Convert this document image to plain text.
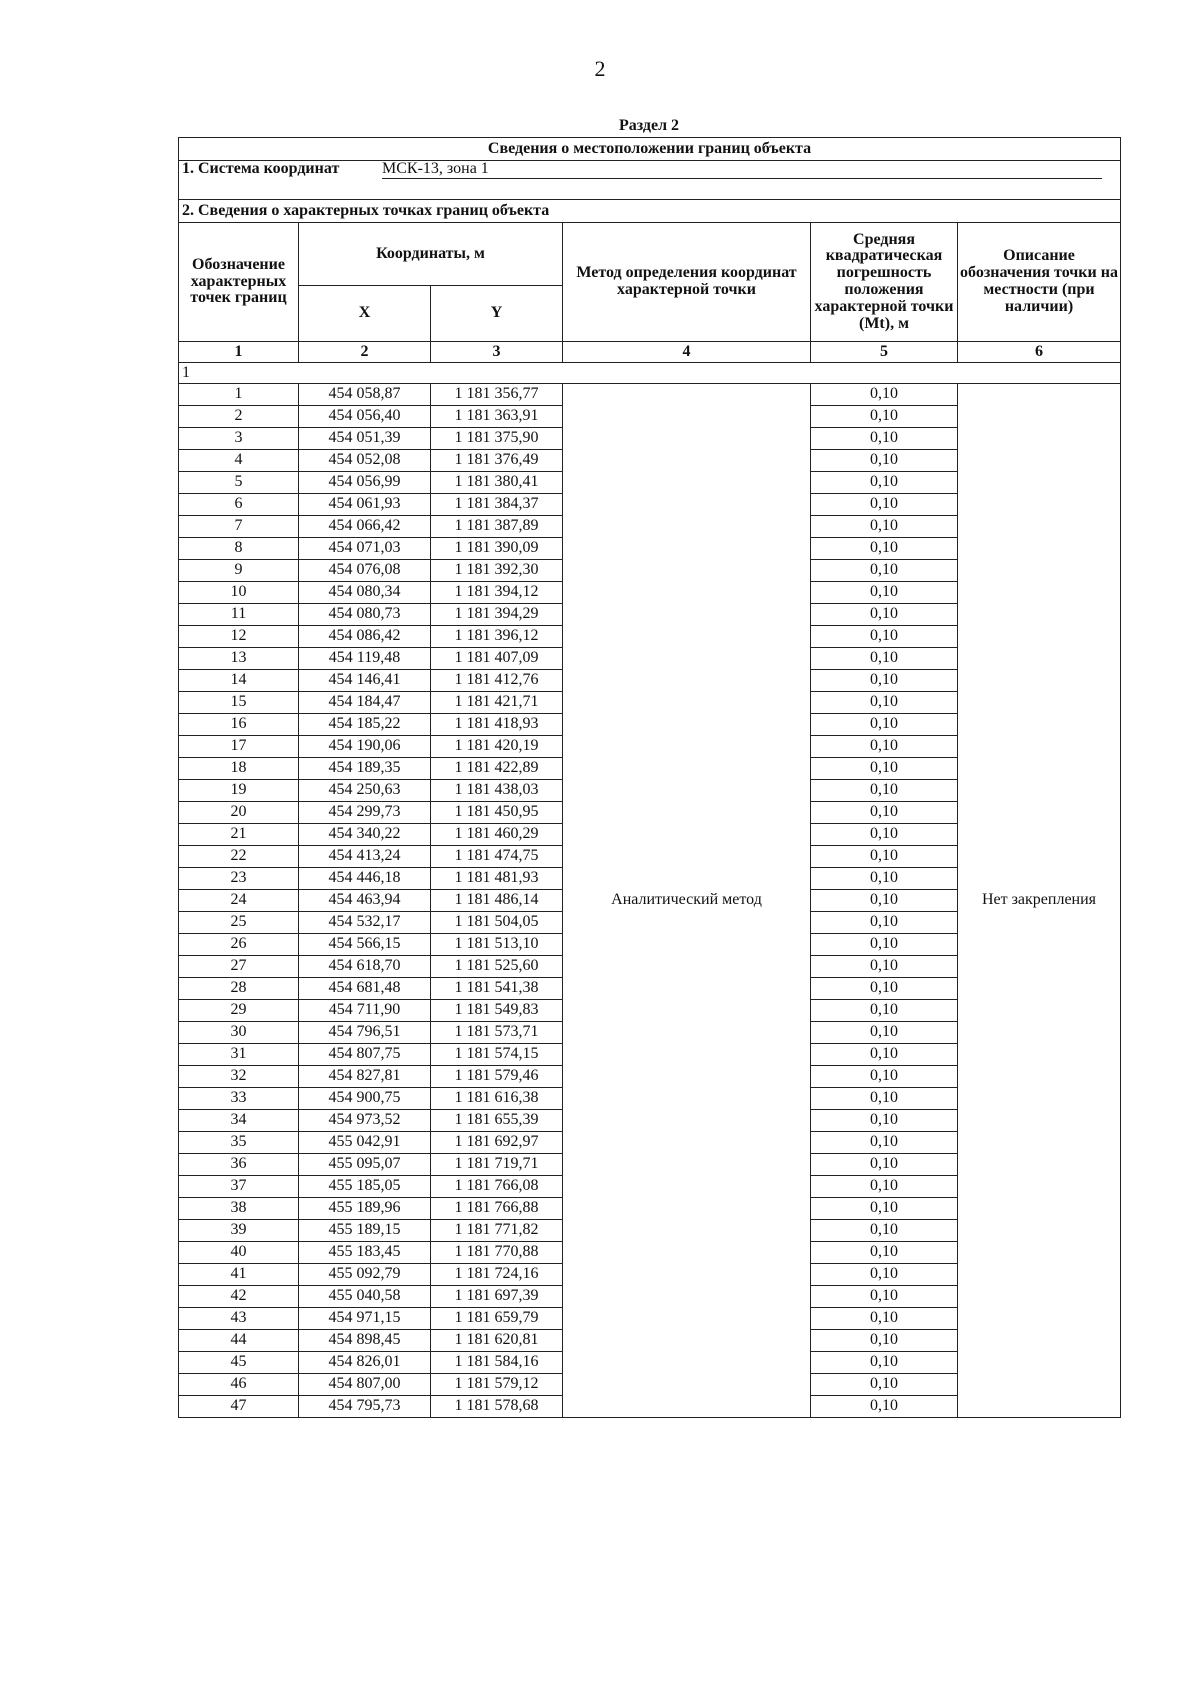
2
Раздел 2
Сведения о местоположении границ объекта					
1. Система координат МСК-13, зона 1					
2. Сведения о характерных точках границ объекта					
Обозначение характерных точек границ	Координаты, м		Метод определения координат характерной точки	Средняя квадратическая погрешность положения характерной точки (Mt), м	Описание обозначения точки на местности (при наличии)
	X	Y			
1	2	3	4	5	6
1					
1	454 058,87	1 181 356,77	Аналитический метод	0,10	Нет закрепления
2	454 056,40	1 181 363,91		0,10	
3	454 051,39	1 181 375,90		0,10	
4	454 052,08	1 181 376,49		0,10	
5	454 056,99	1 181 380,41		0,10	
6	454 061,93	1 181 384,37		0,10	
7	454 066,42	1 181 387,89		0,10	
8	454 071,03	1 181 390,09		0,10	
9	454 076,08	1 181 392,30		0,10	
10	454 080,34	1 181 394,12		0,10	
11	454 080,73	1 181 394,29		0,10	
12	454 086,42	1 181 396,12		0,10	
13	454 119,48	1 181 407,09		0,10	
14	454 146,41	1 181 412,76		0,10	
15	454 184,47	1 181 421,71		0,10	
16	454 185,22	1 181 418,93		0,10	
17	454 190,06	1 181 420,19		0,10	
18	454 189,35	1 181 422,89		0,10	
19	454 250,63	1 181 438,03		0,10	
20	454 299,73	1 181 450,95		0,10	
21	454 340,22	1 181 460,29		0,10	
22	454 413,24	1 181 474,75		0,10	
23	454 446,18	1 181 481,93		0,10	
24	454 463,94	1 181 486,14		0,10	
25	454 532,17	1 181 504,05		0,10	
26	454 566,15	1 181 513,10		0,10	
27	454 618,70	1 181 525,60		0,10	
28	454 681,48	1 181 541,38		0,10	
29	454 711,90	1 181 549,83		0,10	
30	454 796,51	1 181 573,71		0,10	
31	454 807,75	1 181 574,15		0,10	
32	454 827,81	1 181 579,46		0,10	
33	454 900,75	1 181 616,38		0,10	
34	454 973,52	1 181 655,39		0,10	
35	455 042,91	1 181 692,97		0,10	
36	455 095,07	1 181 719,71		0,10	
37	455 185,05	1 181 766,08		0,10	
38	455 189,96	1 181 766,88		0,10	
39	455 189,15	1 181 771,82		0,10	
40	455 183,45	1 181 770,88		0,10	
41	455 092,79	1 181 724,16		0,10	
42	455 040,58	1 181 697,39		0,10	
43	454 971,15	1 181 659,79		0,10	
44	454 898,45	1 181 620,81		0,10	
45	454 826,01	1 181 584,16		0,10	
46	454 807,00	1 181 579,12		0,10	
47	454 795,73	1 181 578,68		0,10	
